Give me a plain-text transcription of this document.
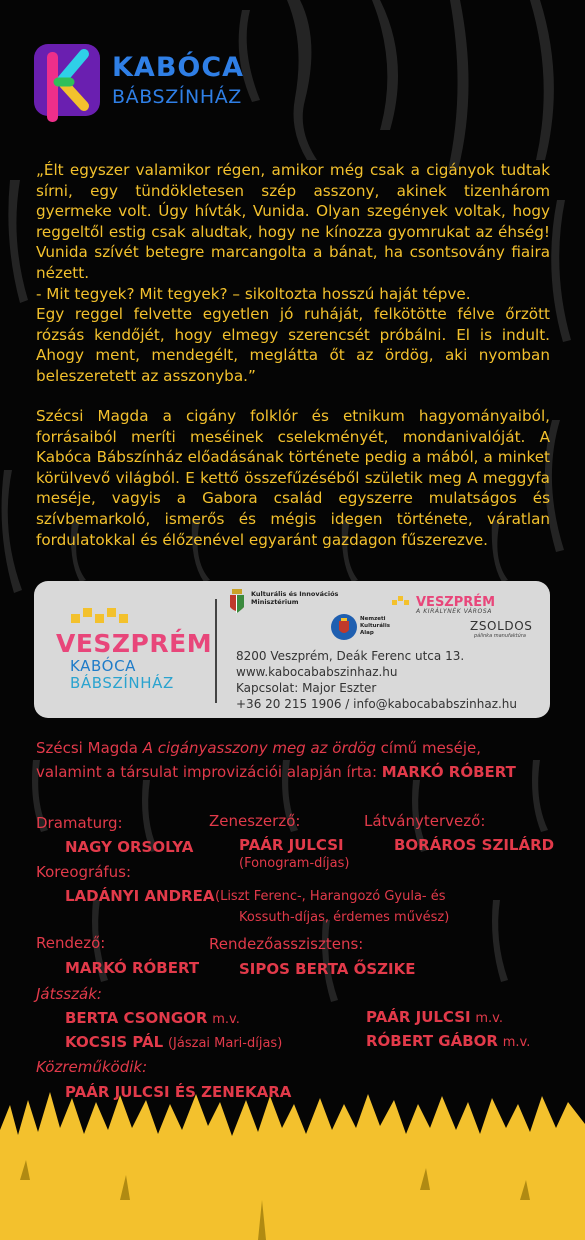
KABÓCA
BÁBSZÍNHÁZ

„Élt egyszer valamikor régen, amikor még csak a cigányok tudtak sírni, egy tündökletesen szép asszony, akinek tizenhárom gyermeke volt. Úgy hívták, Vunida. Olyan szegények voltak, hogy reggeltől estig csak aludtak, hogy ne kínozza gyomrukat az éhség! Vunida szívét betegre marcangolta a bánat, ha csontsovány fiaira nézett.

- Mit tegyek? Mit tegyek? – sikoltozta hosszú haját tépve.

Egy reggel felvette egyetlen jó ruháját, felkötötte félve őrzött rózsás kendőjét, hogy elmegy szerencsét próbálni. El is indult. Ahogy ment, mendegélt, meglátta őt az ördög, aki nyomban beleszeretett az asszonyba.”

Szécsi Magda a cigány folklór és etnikum hagyományaiból, forrásaiból meríti meséinek cselekményét, mondanivalóját. A Kabóca Bábszínház előadásának története pedig a mából, a minket körülvevő világból. E kettő összefűzéséből születik meg A meggyfa meséje, vagyis a Gabora család egyszerre mulatságos és szívbemarkoló, ismerős és mégis idegen története, váratlan fordulatokkal és élőzenével egyaránt gazdagon fűszerezve.

VESZPRÉM
KABÓCA
BÁBSZÍNHÁZ
Kulturális és Innovációs
Minisztérium
Nemzeti
Kulturális
Alap
VESZPRÉM
A KIRÁLYNÉK VÁROSA
ZSOLDOS
pálinka manufaktúra
8200 Veszprém, Deák Ferenc utca 13.
www.kabocababszinhaz.hu
Kapcsolat: Major Eszter
+36 20 215 1906 / info@kabocababszinhaz.hu
Szécsi Magda A cigányasszony meg az ördög című meséje,
valamint a társulat improvizációi alapján írta: MARKÓ RÓBERT
Dramaturg:
NAGY ORSOLYA
Zeneszerző:
PAÁR JULCSI
(Fonogram-díjas)
Látványtervező:
BORÁROS SZILÁRD
Koreográfus:
LADÁNYI ANDREA (Liszt Ferenc-, Harangozó Gyula- és
Kossuth-díjas, érdemes művész)
Rendező:
MARKÓ RÓBERT
Rendezőasszisztens:
SIPOS BERTA ŐSZIKE
Játsszák:
BERTA CSONGOR m.v.
KOCSIS PÁL (Jászai Mari-díjas)
PAÁR JULCSI m.v.
RÓBERT GÁBOR m.v.
Közreműködik:
PAÁR JULCSI ÉS ZENEKARA
